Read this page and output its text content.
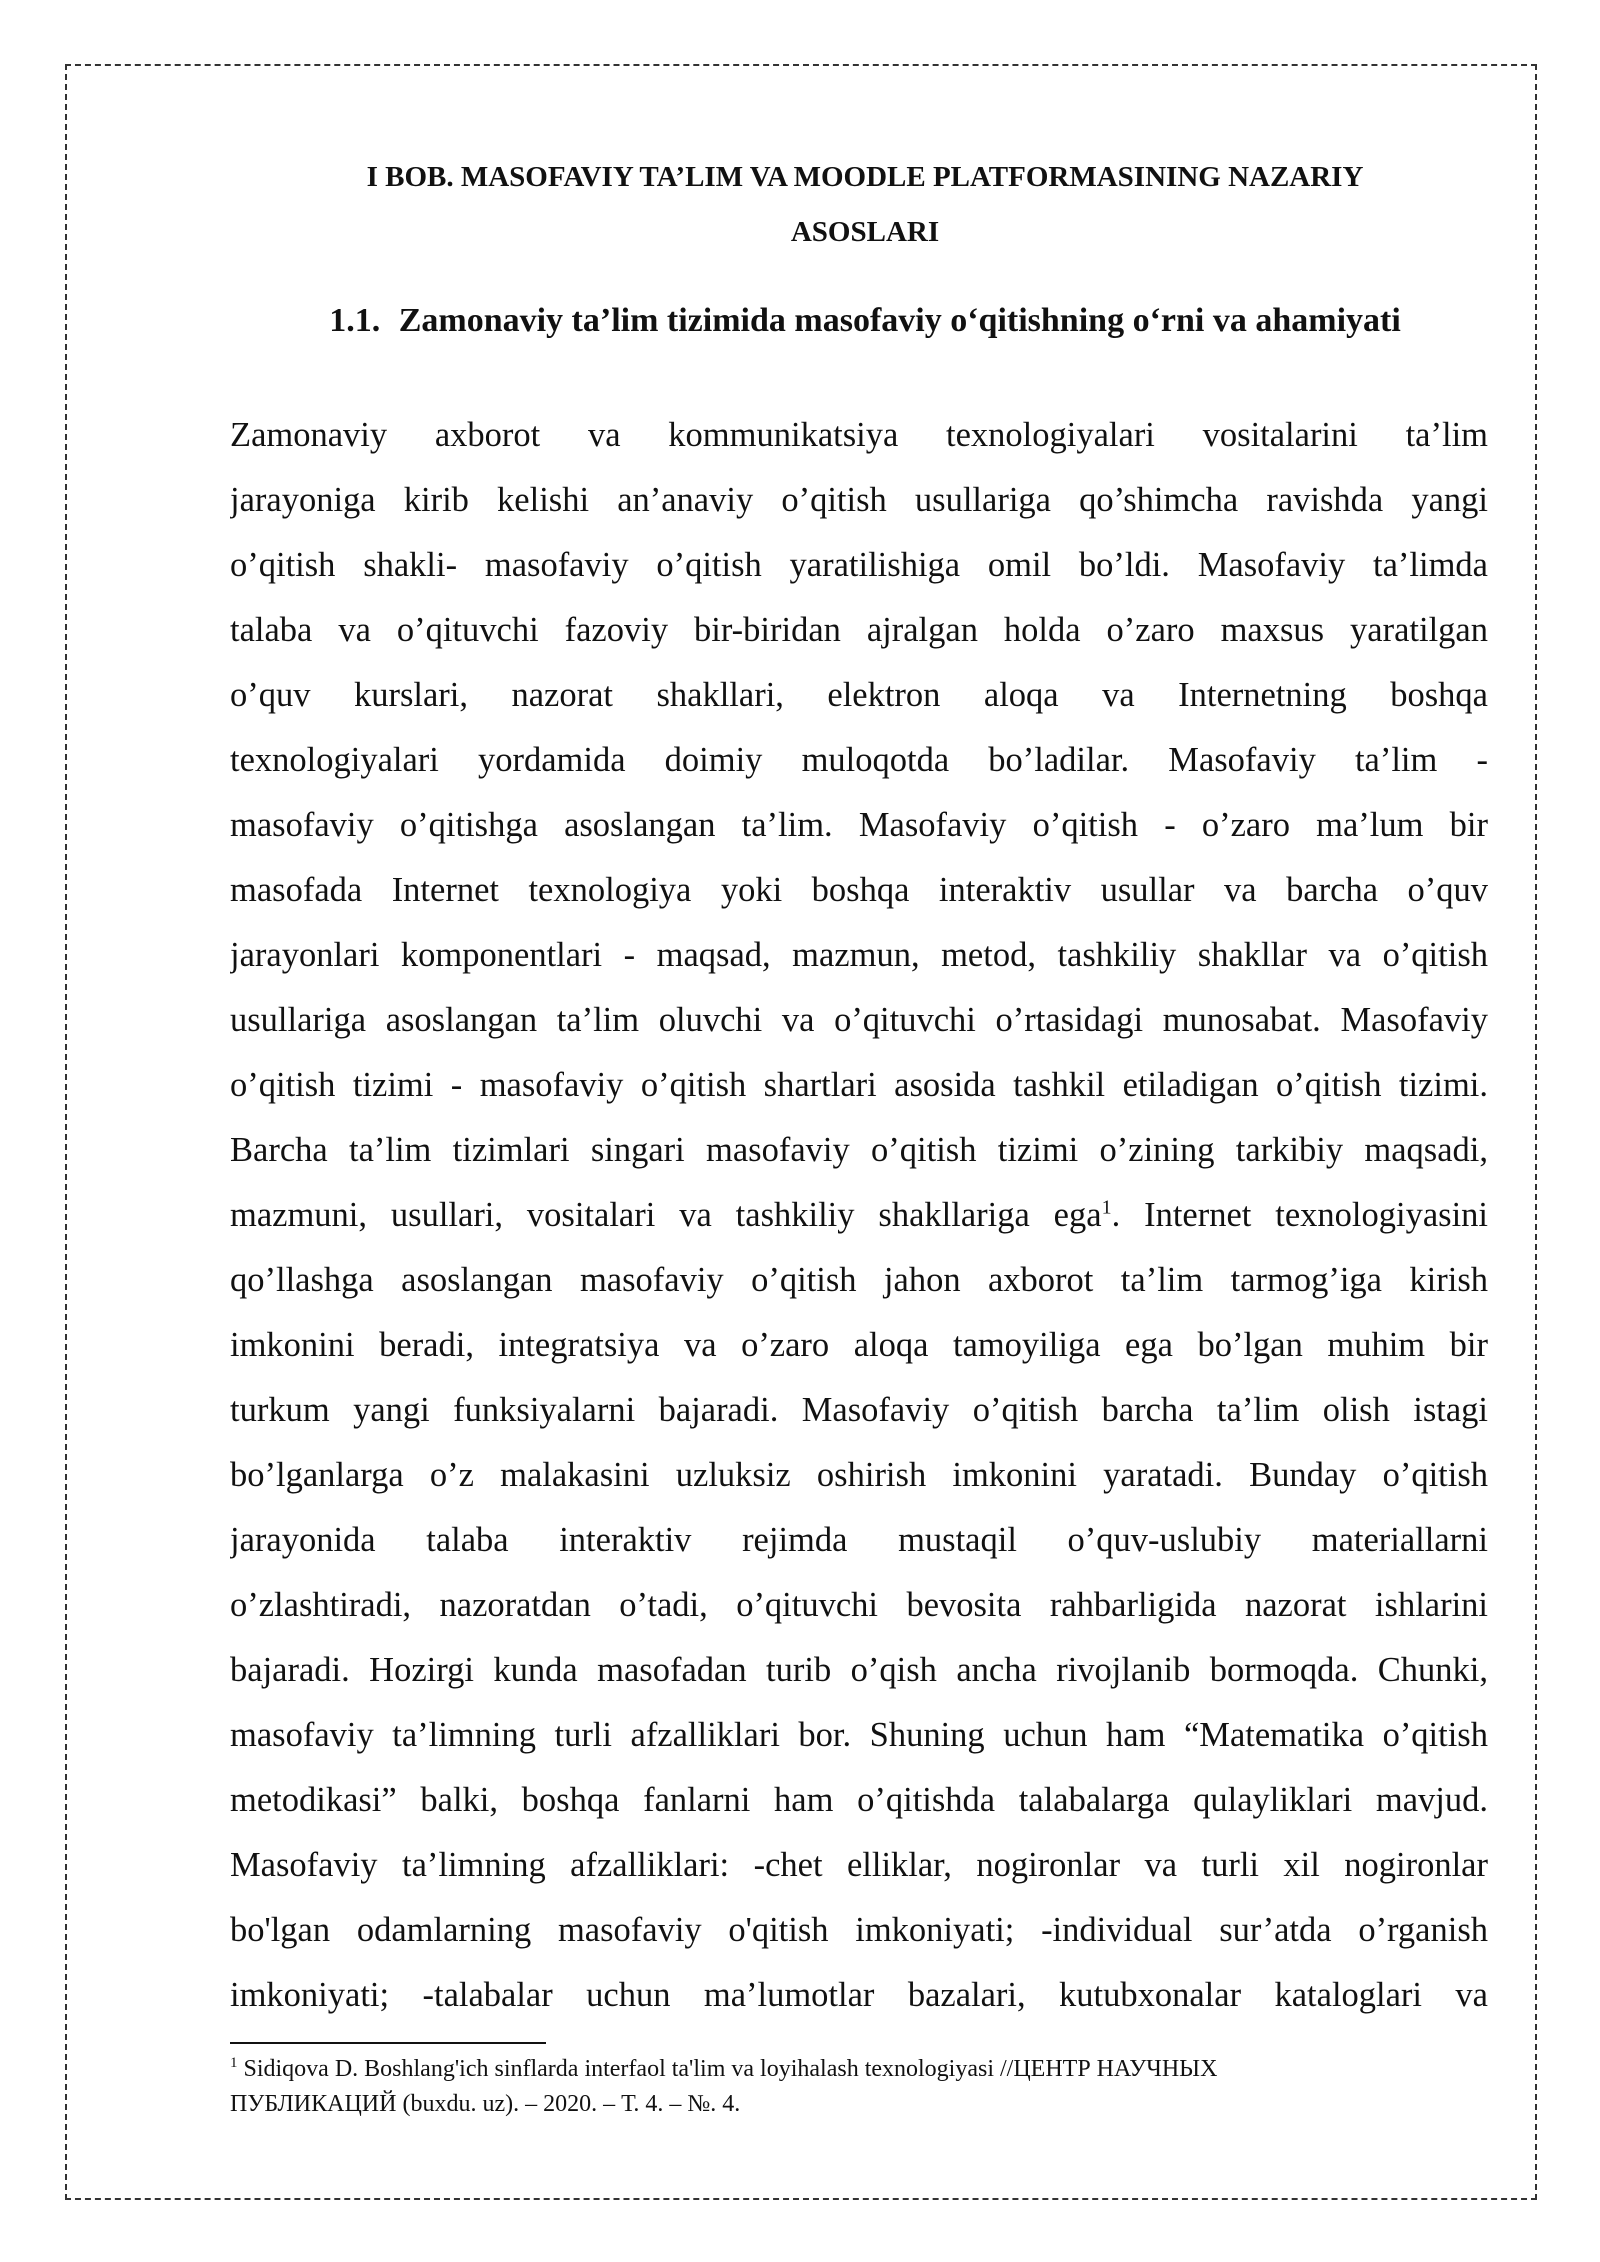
I BOB. MASOFAVIY TA’LIM VA MOODLE PLATFORMASINING NAZARIY
ASOSLARI
1.1. Zamonaviy ta’lim tizimida masofaviy o‘qitishning o‘rni va ahamiyati
Zamonaviy axborot va kommunikatsiya texnologiyalari vositalarini ta’lim
jarayoniga kirib kelishi an’anaviy o’qitish usullariga qo’shimcha ravishda yangi
o’qitish shakli- masofaviy o’qitish yaratilishiga omil bo’ldi. Masofaviy ta’limda
talaba va o’qituvchi fazoviy bir-biridan ajralgan holda o’zaro maxsus yaratilgan
o’quv kurslari, nazorat shakllari, elektron aloqa va Internetning boshqa
texnologiyalari yordamida doimiy muloqotda bo’ladilar. Masofaviy ta’lim -
masofaviy o’qitishga asoslangan ta’lim. Masofaviy o’qitish - o’zaro ma’lum bir
masofada Internet texnologiya yoki boshqa interaktiv usullar va barcha o’quv
jarayonlari komponentlari - maqsad, mazmun, metod, tashkiliy shakllar va o’qitish
usullariga asoslangan ta’lim oluvchi va o’qituvchi o’rtasidagi munosabat. Masofaviy
o’qitish tizimi - masofaviy o’qitish shartlari asosida tashkil etiladigan o’qitish tizimi.
Barcha ta’lim tizimlari singari masofaviy o’qitish tizimi o’zining tarkibiy maqsadi,
mazmuni, usullari, vositalari va tashkiliy shakllariga ega$^1$. Internet texnologiyasini
qo’llashga asoslangan masofaviy o’qitish jahon axborot ta’lim tarmog’iga kirish
imkonini beradi, integratsiya va o’zaro aloqa tamoyiliga ega bo’lgan muhim bir
turkum yangi funksiyalarni bajaradi. Masofaviy o’qitish barcha ta’lim olish istagi
bo’lganlarga o’z malakasini uzluksiz oshirish imkonini yaratadi. Bunday o’qitish
jarayonida talaba interaktiv rejimda mustaqil o’quv-uslubiy materiallarni
o’zlashtiradi, nazoratdan o’tadi, o’qituvchi bevosita rahbarligida nazorat ishlarini
bajaradi. Hozirgi kunda masofadan turib o’qish ancha rivojlanib bormoqda. Chunki,
masofaviy ta’limning turli afzalliklari bor. Shuning uchun ham “Matematika o’qitish
metodikasi” balki, boshqa fanlarni ham o’qitishda talabalarga qulayliklari mavjud.
Masofaviy ta’limning afzalliklari: -chet elliklar, nogironlar va turli xil nogironlar
bo'lgan odamlarning masofaviy o'qitish imkoniyati; -individual sur’atda o’rganish
imkoniyati; -talabalar uchun ma’lumotlar bazalari, kutubxonalar kataloglari va
$^1$ Sidiqova D. Boshlang'ich sinflarda interfaol ta'lim va loyihalash texnologiyasi //ЦЕНТР НАУЧНЫХ
ПУБЛИКАЦИЙ (buxdu. uz). – 2020. – Т. 4. – №. 4.
